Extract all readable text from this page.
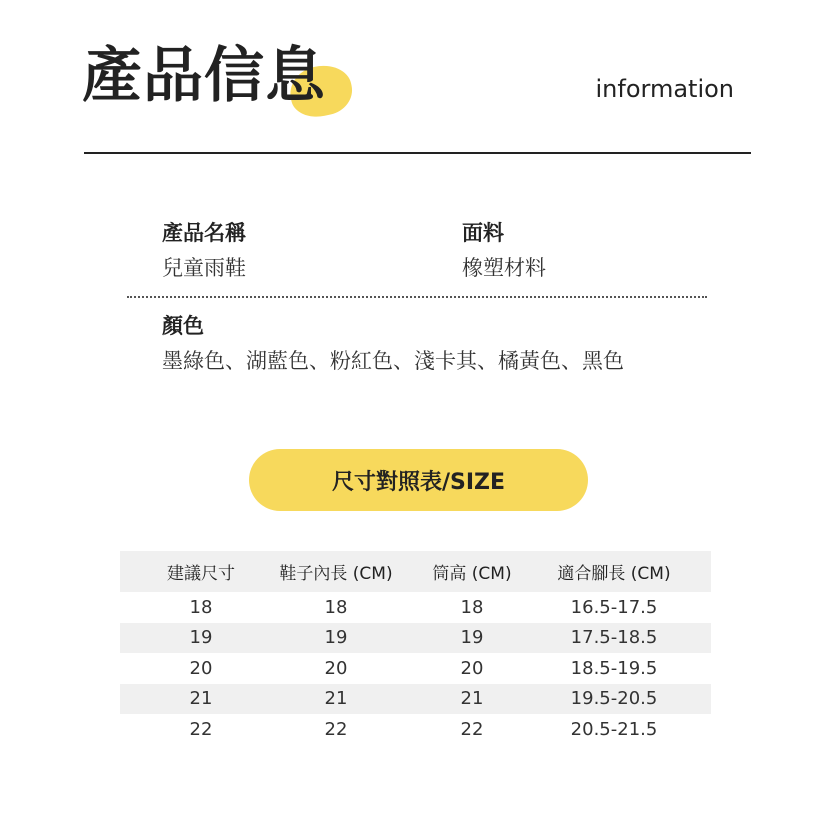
產品信息	information
產品名稱
兒童雨鞋
面料
橡塑材料
顏色
墨綠色、湖藍色、粉紅色、淺卡其、橘黃色、黑色
尺寸對照表/SIZE
建議尺寸	鞋子內長 (CM)	筒高 (CM)	適合腳長 (CM)
18	18	18	16.5-17.5
19	19	19	17.5-18.5
20	20	20	18.5-19.5
21	21	21	19.5-20.5
22	22	22	20.5-21.5
